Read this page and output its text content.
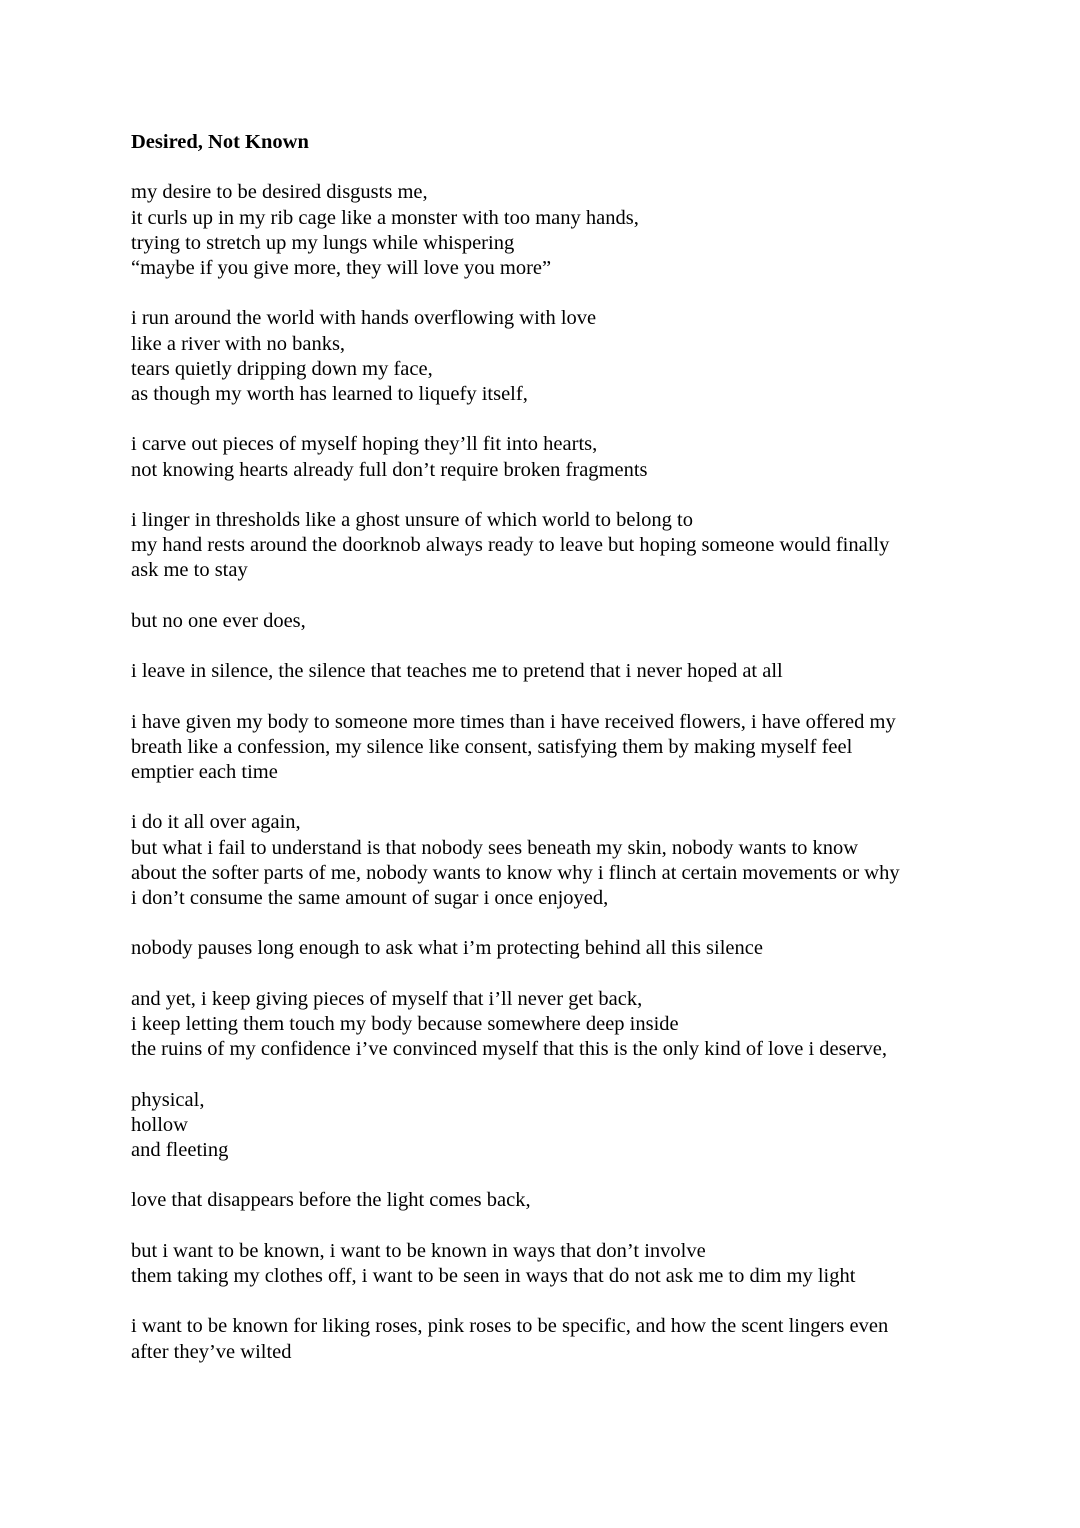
Desired, Not Known
my desire to be desired disgusts me,
it curls up in my rib cage like a monster with too many hands,
trying to stretch up my lungs while whispering
“maybe if you give more, they will love you more”
i run around the world with hands overflowing with love
like a river with no banks,
tears quietly dripping down my face,
as though my worth has learned to liquefy itself,
i carve out pieces of myself hoping they’ll fit into hearts,
not knowing hearts already full don’t require broken fragments
i linger in thresholds like a ghost unsure of which world to belong to
my hand rests around the doorknob always ready to leave but hoping someone would finally
ask me to stay
but no one ever does,
i leave in silence, the silence that teaches me to pretend that i never hoped at all
i have given my body to someone more times than i have received flowers, i have offered my
breath like a confession, my silence like consent, satisfying them by making myself feel
emptier each time
i do it all over again,
but what i fail to understand is that nobody sees beneath my skin, nobody wants to know
about the softer parts of me, nobody wants to know why i flinch at certain movements or why
i don’t consume the same amount of sugar i once enjoyed,
nobody pauses long enough to ask what i’m protecting behind all this silence
and yet, i keep giving pieces of myself that i’ll never get back,
i keep letting them touch my body because somewhere deep inside
the ruins of my confidence i’ve convinced myself that this is the only kind of love i deserve,
physical,
hollow
and fleeting
love that disappears before the light comes back,
but i want to be known, i want to be known in ways that don’t involve
them taking my clothes off, i want to be seen in ways that do not ask me to dim my light
i want to be known for liking roses, pink roses to be specific, and how the scent lingers even
after they’ve wilted
